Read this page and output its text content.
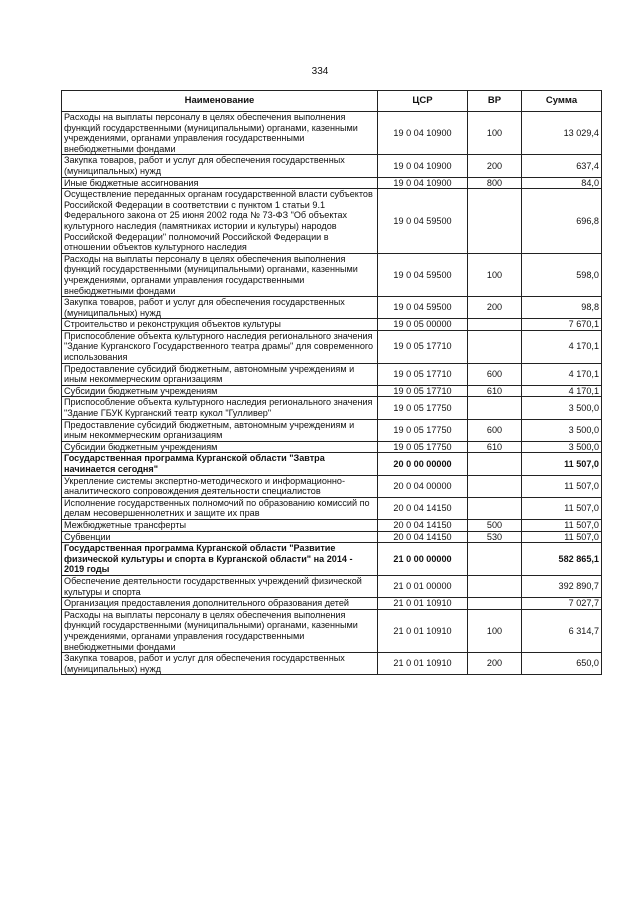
334
Наименование	ЦСР	ВР	Сумма
Расходы на выплаты персоналу в целях обеспечения выполнения функций государственными (муниципальными) органами, казенными учреждениями, органами управления государственными внебюджетными фондами	19 0 04 10900	100	13 029,4
Закупка товаров, работ и услуг для обеспечения государственных (муниципальных) нужд	19 0 04 10900	200	637,4
Иные бюджетные ассигнования	19 0 04 10900	800	84,0
Осуществление переданных органам государственной власти субъектов Российской Федерации в соответствии с пунктом 1 статьи 9.1 Федерального закона от 25 июня 2002 года № 73-ФЗ "Об объектах культурного наследия (памятниках истории и культуры) народов Российской Федерации" полномочий Российской Федерации в отношении объектов культурного наследия	19 0 04 59500		696,8
Расходы на выплаты персоналу в целях обеспечения выполнения функций государственными (муниципальными) органами, казенными учреждениями, органами управления государственными внебюджетными фондами	19 0 04 59500	100	598,0
Закупка товаров, работ и услуг для обеспечения государственных (муниципальных) нужд	19 0 04 59500	200	98,8
Строительство и реконструкция объектов культуры	19 0 05 00000		7 670,1
Приспособление объекта культурного наследия регионального значения "Здание Курганского Государственного театра драмы" для современного использования	19 0 05 17710		4 170,1
Предоставление субсидий бюджетным, автономным учреждениям и иным некоммерческим организациям	19 0 05 17710	600	4 170,1
Субсидии бюджетным учреждениям	19 0 05 17710	610	4 170,1
Приспособление объекта культурного наследия регионального значения "Здание ГБУК Курганский театр кукол "Гулливер"	19 0 05 17750		3 500,0
Предоставление субсидий бюджетным, автономным учреждениям и иным некоммерческим организациям	19 0 05 17750	600	3 500,0
Субсидии бюджетным учреждениям	19 0 05 17750	610	3 500,0
Государственная программа Курганской области "Завтра начинается сегодня"	20 0 00 00000		11 507,0
Укрепление системы экспертно-методического и информационно-аналитического сопровождения деятельности специалистов	20 0 04 00000		11 507,0
Исполнение государственных полномочий по образованию комиссий по делам несовершеннолетних и защите их прав	20 0 04 14150		11 507,0
Межбюджетные трансферты	20 0 04 14150	500	11 507,0
Субвенции	20 0 04 14150	530	11 507,0
Государственная программа Курганской области "Развитие физической культуры и спорта в Курганской области" на 2014 - 2019 годы	21 0 00 00000		582 865,1
Обеспечение деятельности государственных учреждений физической культуры и спорта	21 0 01 00000		392 890,7
Организация предоставления дополнительного образования детей	21 0 01 10910		7 027,7
Расходы на выплаты персоналу в целях обеспечения выполнения функций государственными (муниципальными) органами, казенными учреждениями, органами управления государственными внебюджетными фондами	21 0 01 10910	100	6 314,7
Закупка товаров, работ и услуг для обеспечения государственных (муниципальных) нужд	21 0 01 10910	200	650,0
